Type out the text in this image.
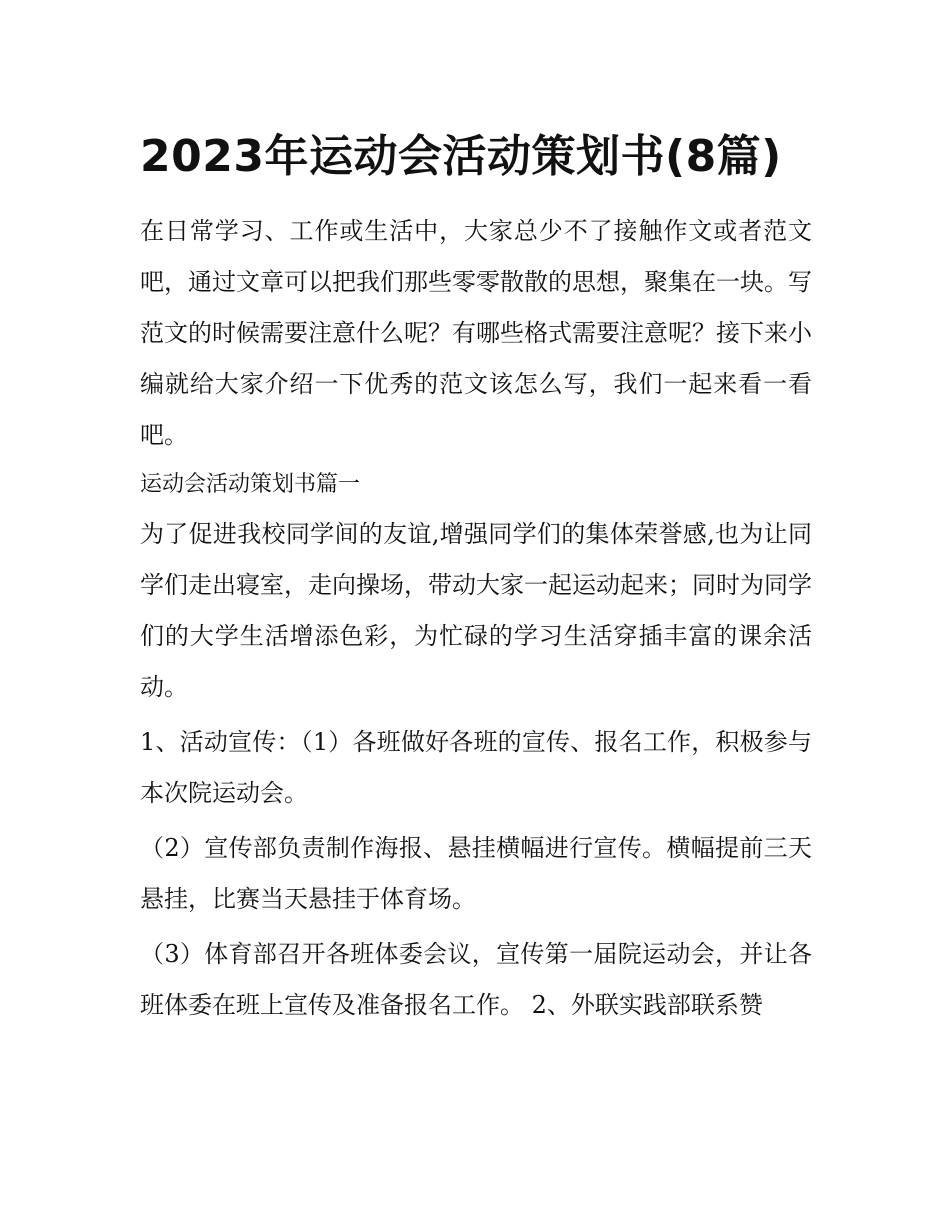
2023年运动会活动策划书(8篇)

在日常学习、工作或生活中，大家总少不了接触作文或者范文吧，通过文章可以把我们那些零零散散的思想，聚集在一块。写范文的时候需要注意什么呢？有哪些格式需要注意呢？接下来小编就给大家介绍一下优秀的范文该怎么写，我们一起来看一看吧。

运动会活动策划书篇一

为了促进我校同学间的友谊,增强同学们的集体荣誉感,也为让同学们走出寝室，走向操场，带动大家一起运动起来；同时为同学们的大学生活增添色彩，为忙碌的学习生活穿插丰富的课余活动。

1、活动宣传：（1）各班做好各班的宣传、报名工作，积极参与本次院运动会。

（2）宣传部负责制作海报、悬挂横幅进行宣传。横幅提前三天悬挂，比赛当天悬挂于体育场。

（3）体育部召开各班体委会议，宣传第一届院运动会，并让各班体委在班上宣传及准备报名工作。 2、外联实践部联系赞
